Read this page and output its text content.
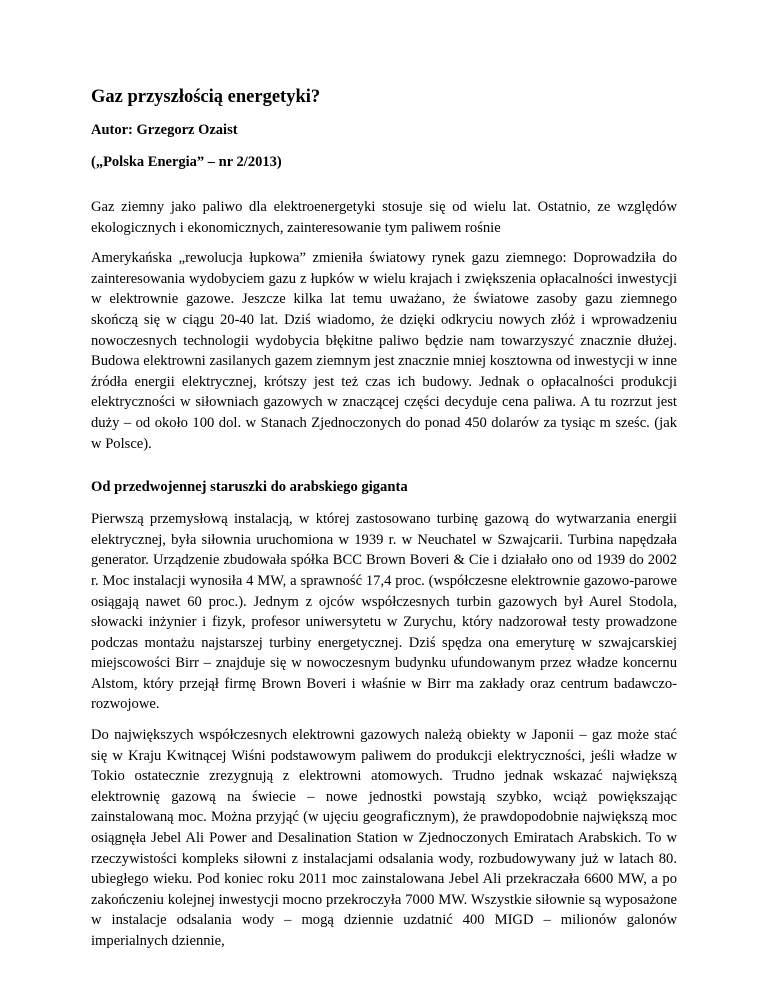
Gaz przyszłością energetyki?
Autor: Grzegorz Ozaist
(„Polska Energia” – nr 2/2013)

Gaz ziemny jako paliwo dla elektroenergetyki stosuje się od wielu lat. Ostatnio, ze względów ekologicznych i ekonomicznych, zainteresowanie tym paliwem rośnie

Amerykańska „rewolucja łupkowa” zmieniła światowy rynek gazu ziemnego: Doprowadziła do zainteresowania wydobyciem gazu z łupków w wielu krajach i zwiększenia opłacalności inwestycji w elektrownie gazowe. Jeszcze kilka lat temu uważano, że światowe zasoby gazu ziemnego skończą się w ciągu 20-40 lat. Dziś wiadomo, że dzięki odkryciu nowych złóż i wprowadzeniu nowoczesnych technologii wydobycia błękitne paliwo będzie nam towarzyszyć znacznie dłużej. Budowa elektrowni zasilanych gazem ziemnym jest znacznie mniej kosztowna od inwestycji w inne źródła energii elektrycznej, krótszy jest też czas ich budowy. Jednak o opłacalności produkcji elektryczności w siłowniach gazowych w znaczącej części decyduje cena paliwa. A tu rozrzut jest duży – od około 100 dol. w Stanach Zjednoczonych do ponad 450 dolarów za tysiąc m sześc. (jak w Polsce).

Od przedwojennej staruszki do arabskiego giganta

Pierwszą przemysłową instalacją, w której zastosowano turbinę gazową do wytwarzania energii elektrycznej, była siłownia uruchomiona w 1939 r. w Neuchatel w Szwajcarii. Turbina napędzała generator. Urządzenie zbudowała spółka BCC Brown Boveri & Cie i działało ono od 1939 do 2002 r. Moc instalacji wynosiła 4 MW, a sprawność 17,4 proc. (współczesne elektrownie gazowo-parowe osiągają nawet 60 proc.). Jednym z ojców współczesnych turbin gazowych był Aurel Stodola, słowacki inżynier i fizyk, profesor uniwersytetu w Zurychu, który nadzorował testy prowadzone podczas montażu najstarszej turbiny energetycznej. Dziś spędza ona emeryturę w szwajcarskiej miejscowości Birr – znajduje się w nowoczesnym budynku ufundowanym przez władze koncernu Alstom, który przejął firmę Brown Boveri i właśnie w Birr ma zakłady oraz centrum badawczo-rozwojowe.

Do największych współczesnych elektrowni gazowych należą obiekty w Japonii – gaz może stać się w Kraju Kwitnącej Wiśni podstawowym paliwem do produkcji elektryczności, jeśli władze w Tokio ostatecznie zrezygnują z elektrowni atomowych. Trudno jednak wskazać największą elektrownię gazową na świecie – nowe jednostki powstają szybko, wciąż powiększając zainstalowaną moc. Można przyjąć (w ujęciu geograficznym), że prawdopodobnie największą moc osiągnęła Jebel Ali Power and Desalination Station w Zjednoczonych Emiratach Arabskich. To w rzeczywistości kompleks siłowni z instalacjami odsalania wody, rozbudowywany już w latach 80. ubiegłego wieku. Pod koniec roku 2011 moc zainstalowana Jebel Ali przekraczała 6600 MW, a po zakończeniu kolejnej inwestycji mocno przekroczyła 7000 MW. Wszystkie siłownie są wyposażone w instalacje odsalania wody – mogą dziennie uzdatnić 400 MIGD – milionów galonów imperialnych dziennie,
